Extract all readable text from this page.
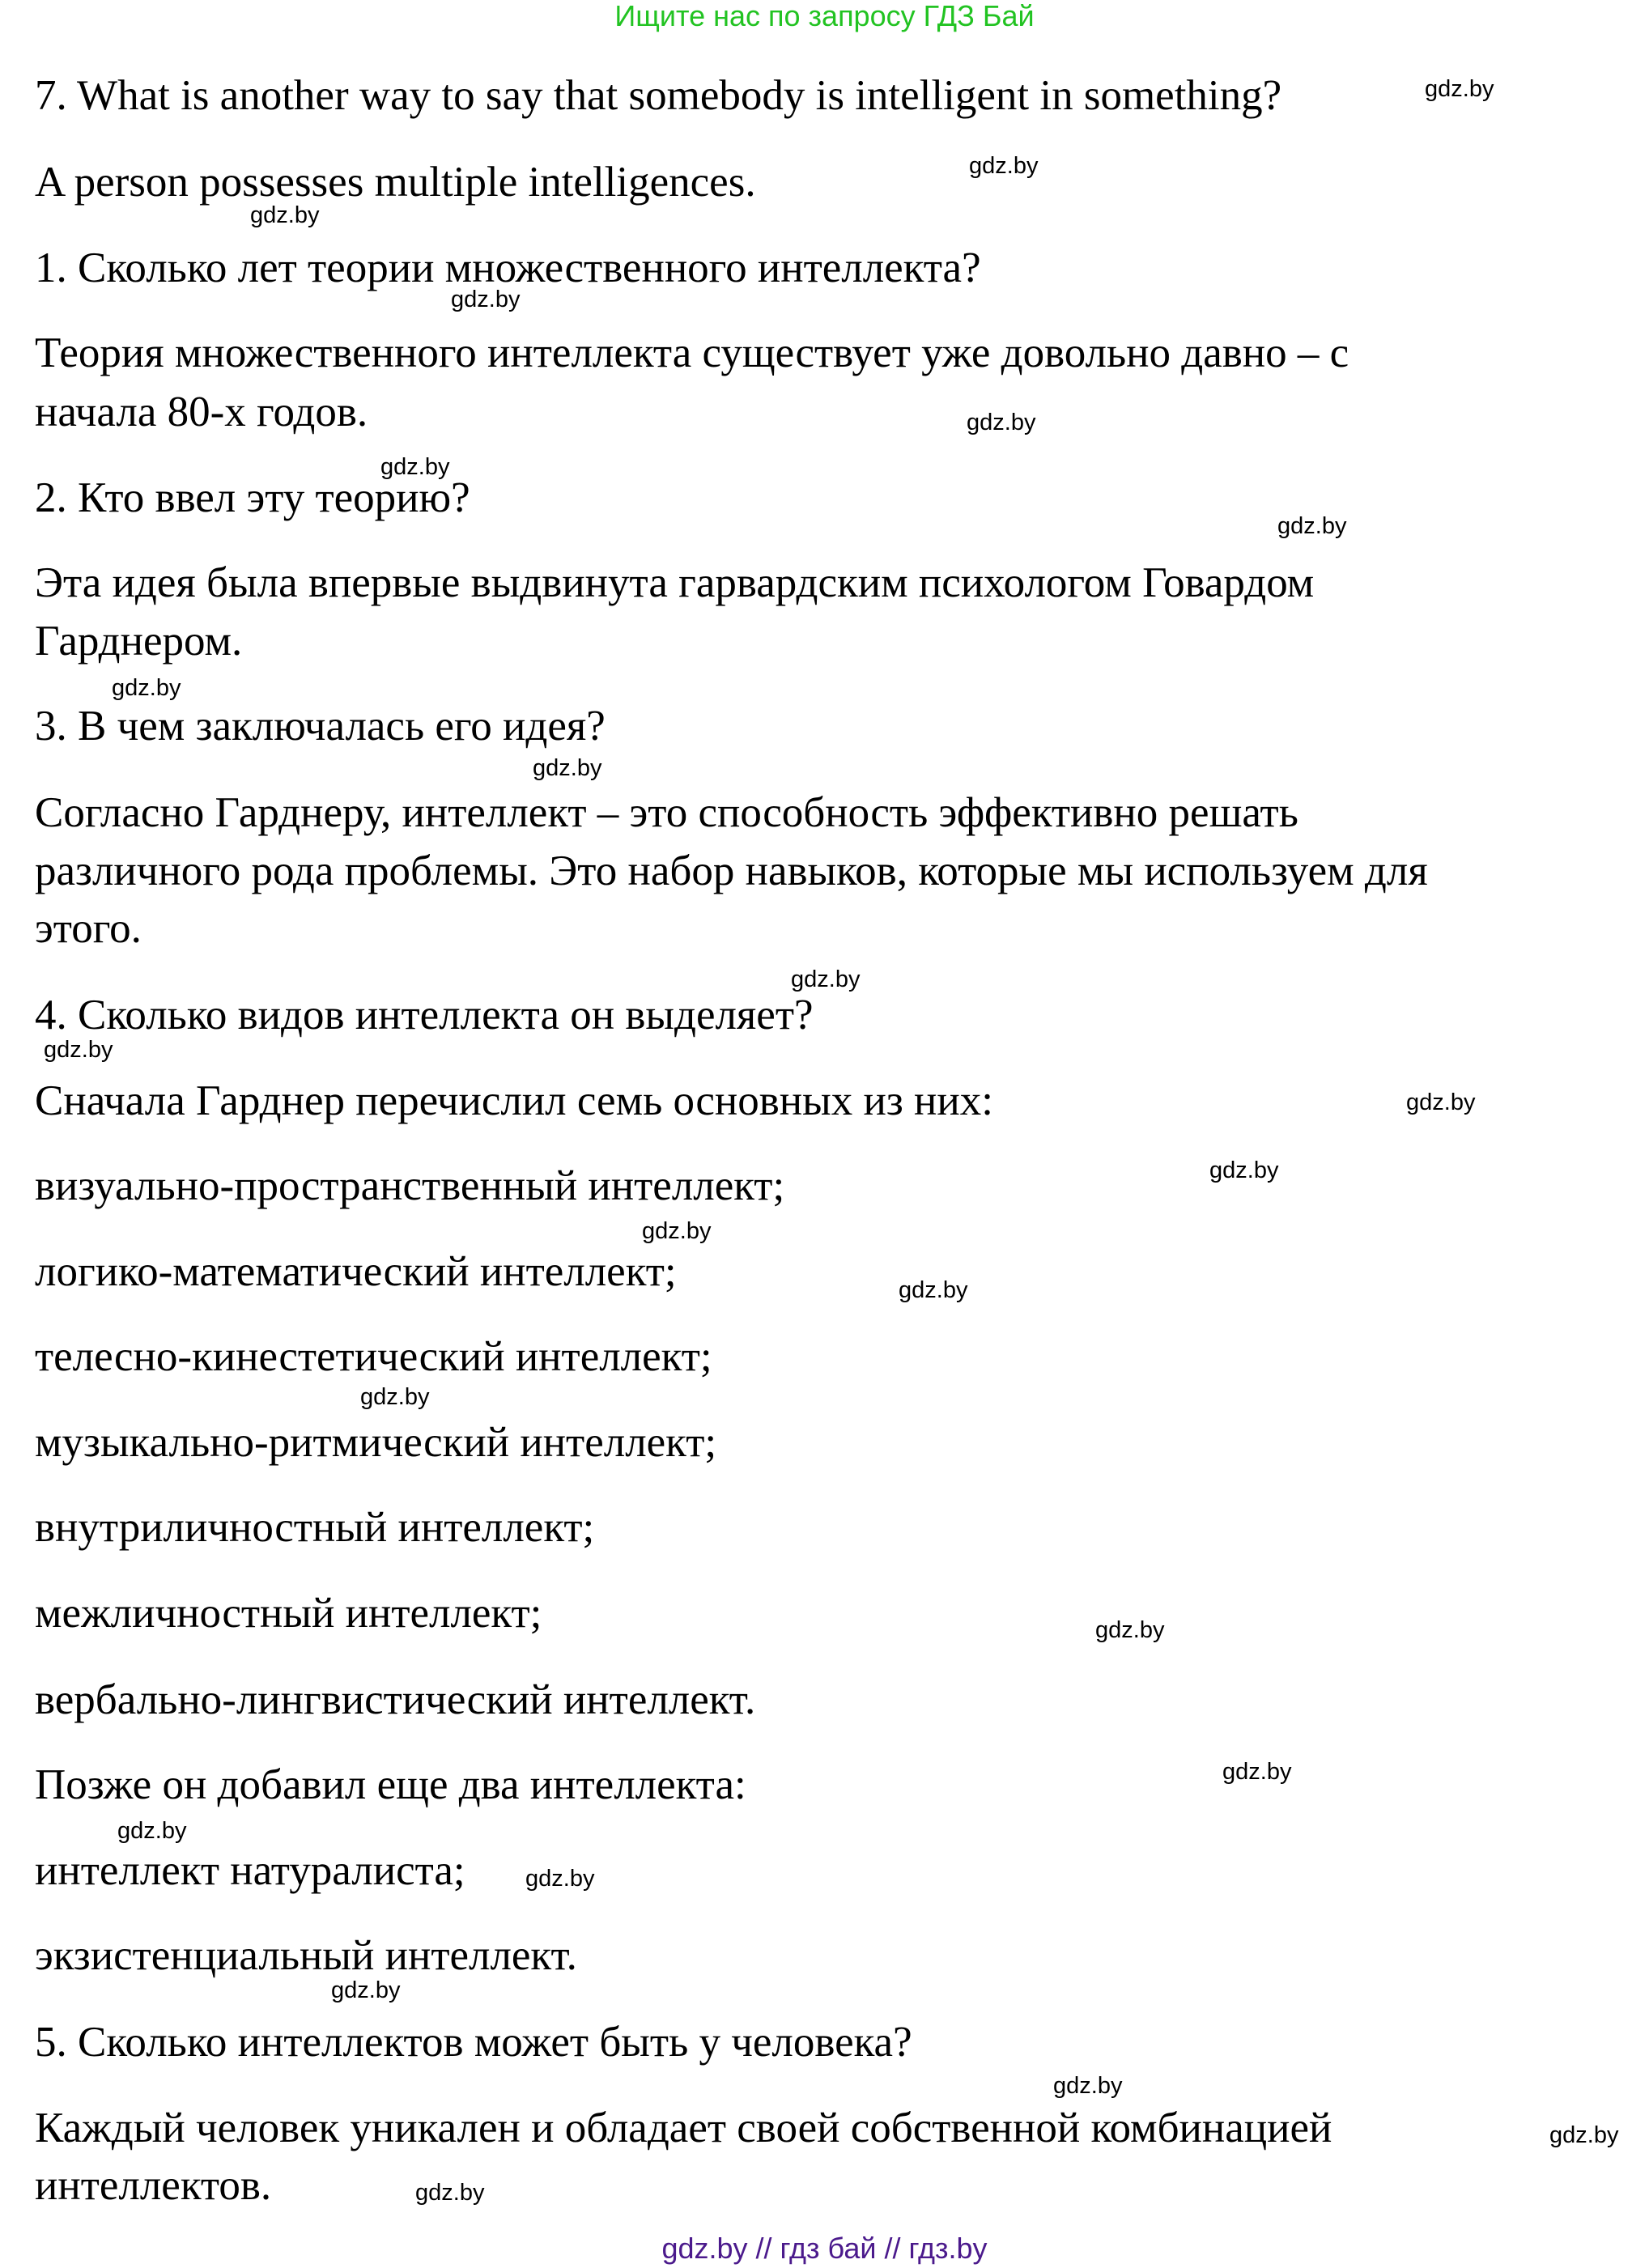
Ищите нас по запросу ГДЗ Бай
7. What is another way to say that somebody is intelligent in something?
A person possesses multiple intelligences.
1. Сколько лет теории множественного интеллекта?
Теория множественного интеллекта существует уже довольно давно – с
начала 80-х годов.
2. Кто ввел эту теорию?
Эта идея была впервые выдвинута гарвардским психологом Говардом
Гарднером.
3. В чем заключалась его идея?
Согласно Гарднеру, интеллект – это способность эффективно решать
различного рода проблемы. Это набор навыков, которые мы используем для
этого.
4. Сколько видов интеллекта он выделяет?
Сначала Гарднер перечислил семь основных из них:
визуально-пространственный интеллект;
логико-математический интеллект;
телесно-кинестетический интеллект;
музыкально-ритмический интеллект;
внутриличностный интеллект;
межличностный интеллект;
вербально-лингвистический интеллект.
Позже он добавил еще два интеллекта:
интеллект натуралиста;
экзистенциальный интеллект.
5. Сколько интеллектов может быть у человека?
Каждый человек уникален и обладает своей собственной комбинацией
интеллектов.
gdz.by
gdz.by
gdz.by
gdz.by
gdz.by
gdz.by
gdz.by
gdz.by
gdz.by
gdz.by
gdz.by
gdz.by
gdz.by
gdz.by
gdz.by
gdz.by
gdz.by
gdz.by
gdz.by
gdz.by
gdz.by
gdz.by
gdz.by
gdz.by
gdz.by // гдз бай // гдз.by
